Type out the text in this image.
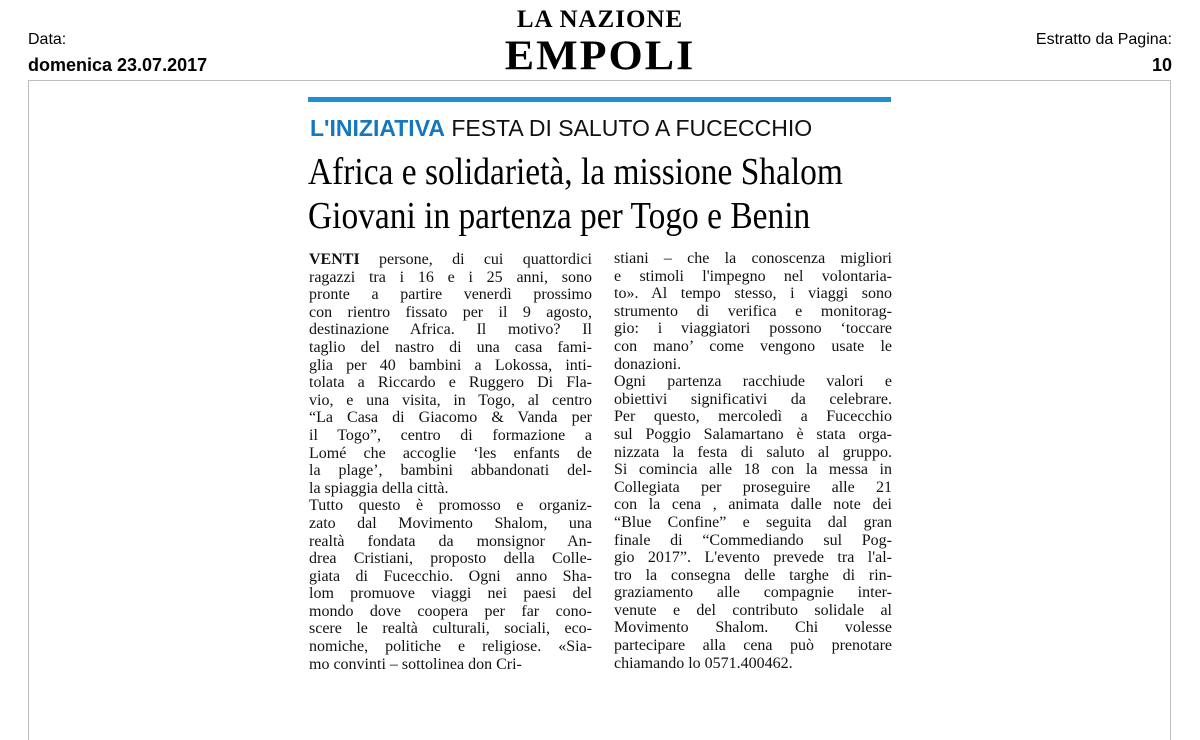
Data:
domenica 23.07.2017
LA NAZIONE
EMPOLI	Estratto da Pagina:
10
L'INIZIATIVA FESTA DI SALUTO A FUCECCHIO
Africa e solidarietà, la missione Shalom
Giovani in partenza per Togo e Benin
VENTI persone, di cui quattordici
ragazzi tra i 16 e i 25 anni, sono
pronte a partire venerdì prossimo
con rientro fissato per il 9 agosto,
destinazione Africa. Il motivo? Il
taglio del nastro di una casa fami-
glia per 40 bambini a Lokossa, inti-
tolata a Riccardo e Ruggero Di Fla-
vio, e una visita, in Togo, al centro
“La Casa di Giacomo & Vanda per
il Togo”, centro di formazione a
Lomé che accoglie ‘les enfants de
la plage’, bambini abbandonati del-
la spiaggia della città.
Tutto questo è promosso e organiz-
zato dal Movimento Shalom, una
realtà fondata da monsignor An-
drea Cristiani, proposto della Colle-
giata di Fucecchio. Ogni anno Sha-
lom promuove viaggi nei paesi del
mondo dove coopera per far cono-
scere le realtà culturali, sociali, eco-
nomiche, politiche e religiose. «Sia-
mo convinti – sottolinea don Cri-
stiani – che la conoscenza migliori
e stimoli l'impegno nel volontaria-
to». Al tempo stesso, i viaggi sono
strumento di verifica e monitorag-
gio: i viaggiatori possono ‘toccare
con mano’ come vengono usate le
donazioni.
Ogni partenza racchiude valori e
obiettivi significativi da celebrare.
Per questo, mercoledì a Fucecchio
sul Poggio Salamartano è stata orga-
nizzata la festa di saluto al gruppo.
Si comincia alle 18 con la messa in
Collegiata per proseguire alle 21
con la cena , animata dalle note dei
“Blue Confine” e seguita dal gran
finale di “Commediando sul Pog-
gio 2017”. L'evento prevede tra l'al-
tro la consegna delle targhe di rin-
graziamento alle compagnie inter-
venute e del contributo solidale al
Movimento Shalom. Chi volesse
partecipare alla cena può prenotare
chiamando lo 0571.400462.
